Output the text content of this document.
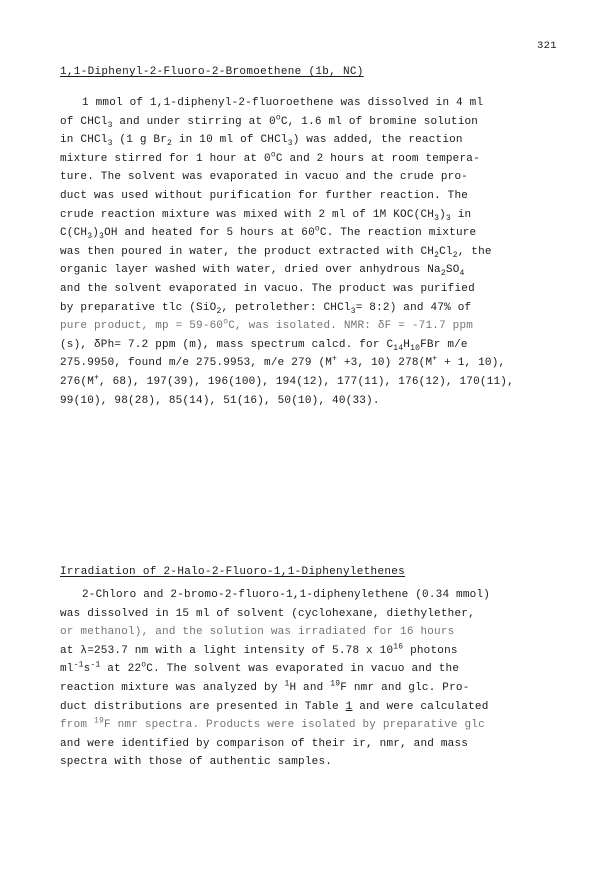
321
1,1-Diphenyl-2-Fluoro-2-Bromoethene (1b, NC)
1 mmol of 1,1-diphenyl-2-fluoroethene was dissolved in 4 ml
of CHCl$_3$ and under stirring at 0$^o$C, 1.6 ml of bromine solution
in CHCl$_3$ (1 g $Br_2$ in 10 ml of CHCl$_3$) was added, the reaction
mixture stirred for 1 hour at 0$^o$C and 2 hours at room tempera-
ture. The solvent was evaporated in vacuo and the crude pro-
duct was used without purification for further reaction. The
crude reaction mixture was mixed with 2 ml of 1M $KOC(CH_3)_3$ in
$C(CH_3)_3OH$ and heated for 5 hours at 60$^o$C. The reaction mixture
was then poured in water, the product extracted with $CH_2Cl_2$, the
organic layer washed with water, dried over anhydrous $Na_2SO_4$
and the solvent evaporated in vacuo. The product was purified
by preparative tlc (SiO$_2$, petrolether: CHCl$_3$= 8:2) and 47% of
pure product, mp = $59-60^oC$, was isolated. NMR: δF = -71.7 ppm
(s), δPh= 7.2 ppm (m), mass spectrum calcd. for $C_{14}H_{10}FBr$ m/e
275.9950, found m/e 275.9953, m/e 279 (M+ +3, 10) 278(M+ + 1, 10),
276(M+, 68), 197(39), 196(100), 194(12), 177(11), 176(12), 170(11),
99(10), 98(28), 85(14), 51(16), 50(10), 40(33).
Irradiation of 2-Halo-2-Fluoro-1,1-Diphenylethenes
2-Chloro and 2-bromo-2-fluoro-1,1-diphenylethene (0.34 mmol)
was dissolved in 15 ml of solvent (cyclohexane, diethylether,
or methanol), and the solution was irradiated for 16 hours
at λ=253.7 nm with a light intensity of 5.78 x $10^{16}$ photons
$ml^{-1}s^{-1}$ at 22$^o$C. The solvent was evaporated in vacuo and the
reaction mixture was analyzed by $^1$H and $^{19}$F nmr and glc. Pro-
duct distributions are presented in Table 1 and were calculated
from $^{19}$F nmr spectra. Products were isolated by preparative glc
and were identified by comparison of their ir, nmr, and mass
spectra with those of authentic samples.
